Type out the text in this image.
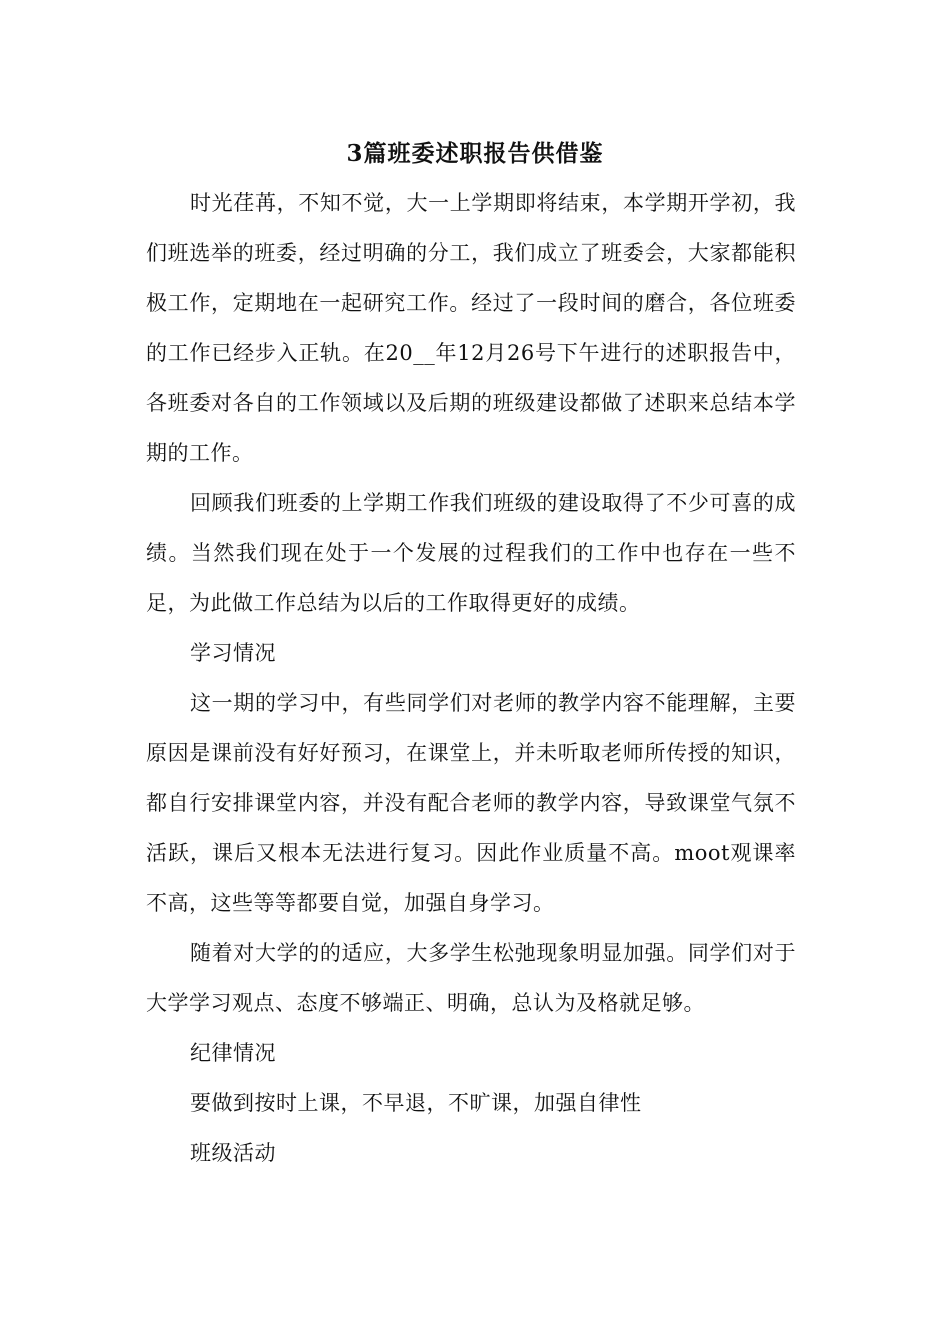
3篇班委述职报告供借鉴

时光荏苒，不知不觉，大一上学期即将结束，本学期开学初，我们班选举的班委，经过明确的分工，我们成立了班委会，大家都能积极工作，定期地在一起研究工作。经过了一段时间的磨合，各位班委的工作已经步入正轨。在20__年12月26号下午进行的述职报告中，各班委对各自的工作领域以及后期的班级建设都做了述职来总结本学期的工作。

回顾我们班委的上学期工作我们班级的建设取得了不少可喜的成绩。当然我们现在处于一个发展的过程我们的工作中也存在一些不足，为此做工作总结为以后的工作取得更好的成绩。

学习情况

这一期的学习中，有些同学们对老师的教学内容不能理解，主要原因是课前没有好好预习，在课堂上，并未听取老师所传授的知识，都自行安排课堂内容，并没有配合老师的教学内容，导致课堂气氛不活跃，课后又根本无法进行复习。因此作业质量不高。moot观课率不高，这些等等都要自觉，加强自身学习。

随着对大学的的适应，大多学生松弛现象明显加强。同学们对于大学学习观点、态度不够端正、明确，总认为及格就足够。

纪律情况

要做到按时上课，不早退，不旷课，加强自律性

班级活动
